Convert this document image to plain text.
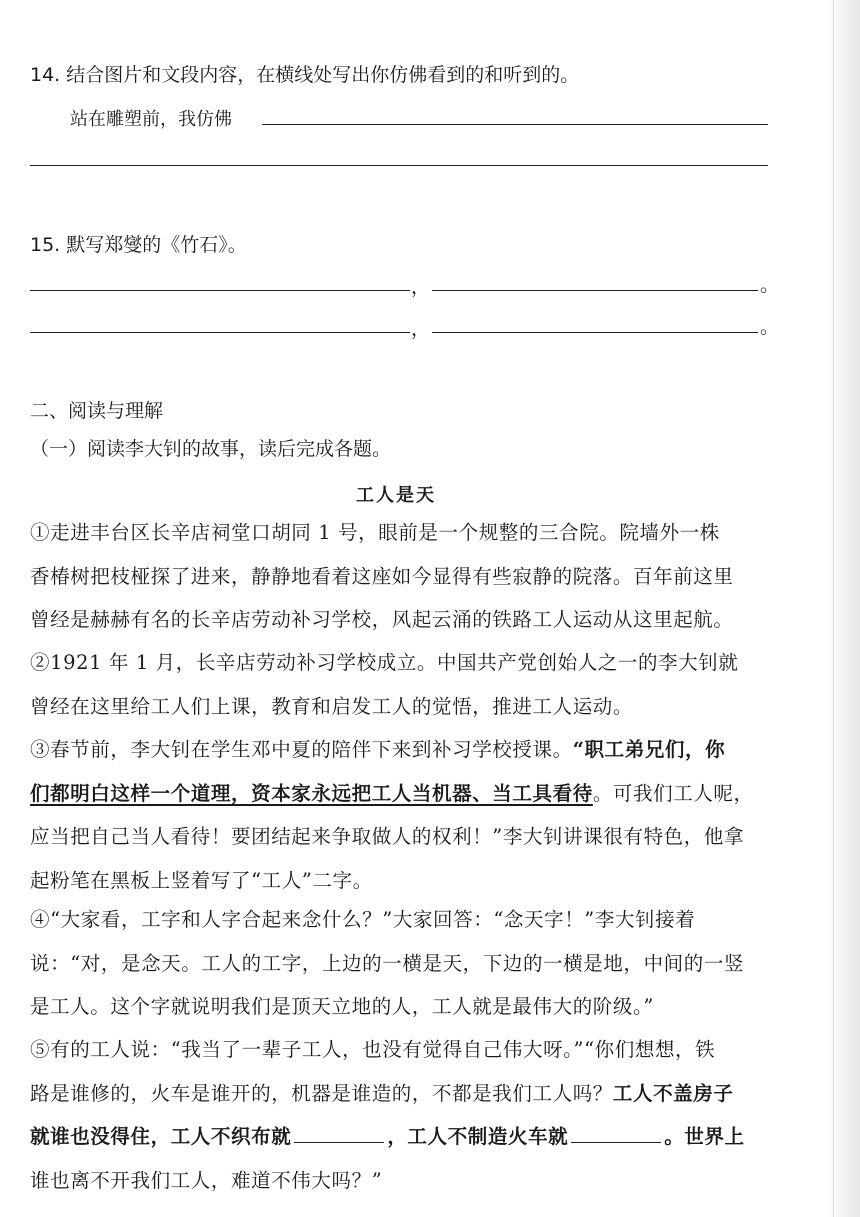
14. 结合图片和文段内容，在横线处写出你仿佛看到的和听到的。
站在雕塑前，我仿佛
15. 默写郑燮的《竹石》。
，	。
，	。
二、阅读与理解
（一）阅读李大钊的故事，读后完成各题。
工人是天

①走进丰台区长辛店祠堂口胡同 1 号，眼前是一个规整的三合院。院墙外一株

香椿树把枝桠探了进来，静静地看着这座如今显得有些寂静的院落。百年前这里

曾经是赫赫有名的长辛店劳动补习学校，风起云涌的铁路工人运动从这里起航。

②1921 年 1 月，长辛店劳动补习学校成立。中国共产党创始人之一的李大钊就

曾经在这里给工人们上课，教育和启发工人的觉悟，推进工人运动。

③春节前，李大钊在学生邓中夏的陪伴下来到补习学校授课。“职工弟兄们，你

们都明白这样一个道理，资本家永远把工人当机器、当工具看待。可我们工人呢，

应当把自己当人看待！要团结起来争取做人的权利！”李大钊讲课很有特色，他拿

起粉笔在黑板上竖着写了“工人”二字。

④“大家看，工字和人字合起来念什么？”大家回答：“念天字！”李大钊接着

说：“对，是念天。工人的工字，上边的一横是天，下边的一横是地，中间的一竖

是工人。这个字就说明我们是顶天立地的人，工人就是最伟大的阶级。”

⑤有的工人说：“我当了一辈子工人，也没有觉得自己伟大呀。”“你们想想，铁

路是谁修的，火车是谁开的，机器是谁造的，不都是我们工人吗？工人不盖房子

就谁也没得住，工人不织布就	，工人不制造火车就	。世界上

谁也离不开我们工人，难道不伟大吗？”
